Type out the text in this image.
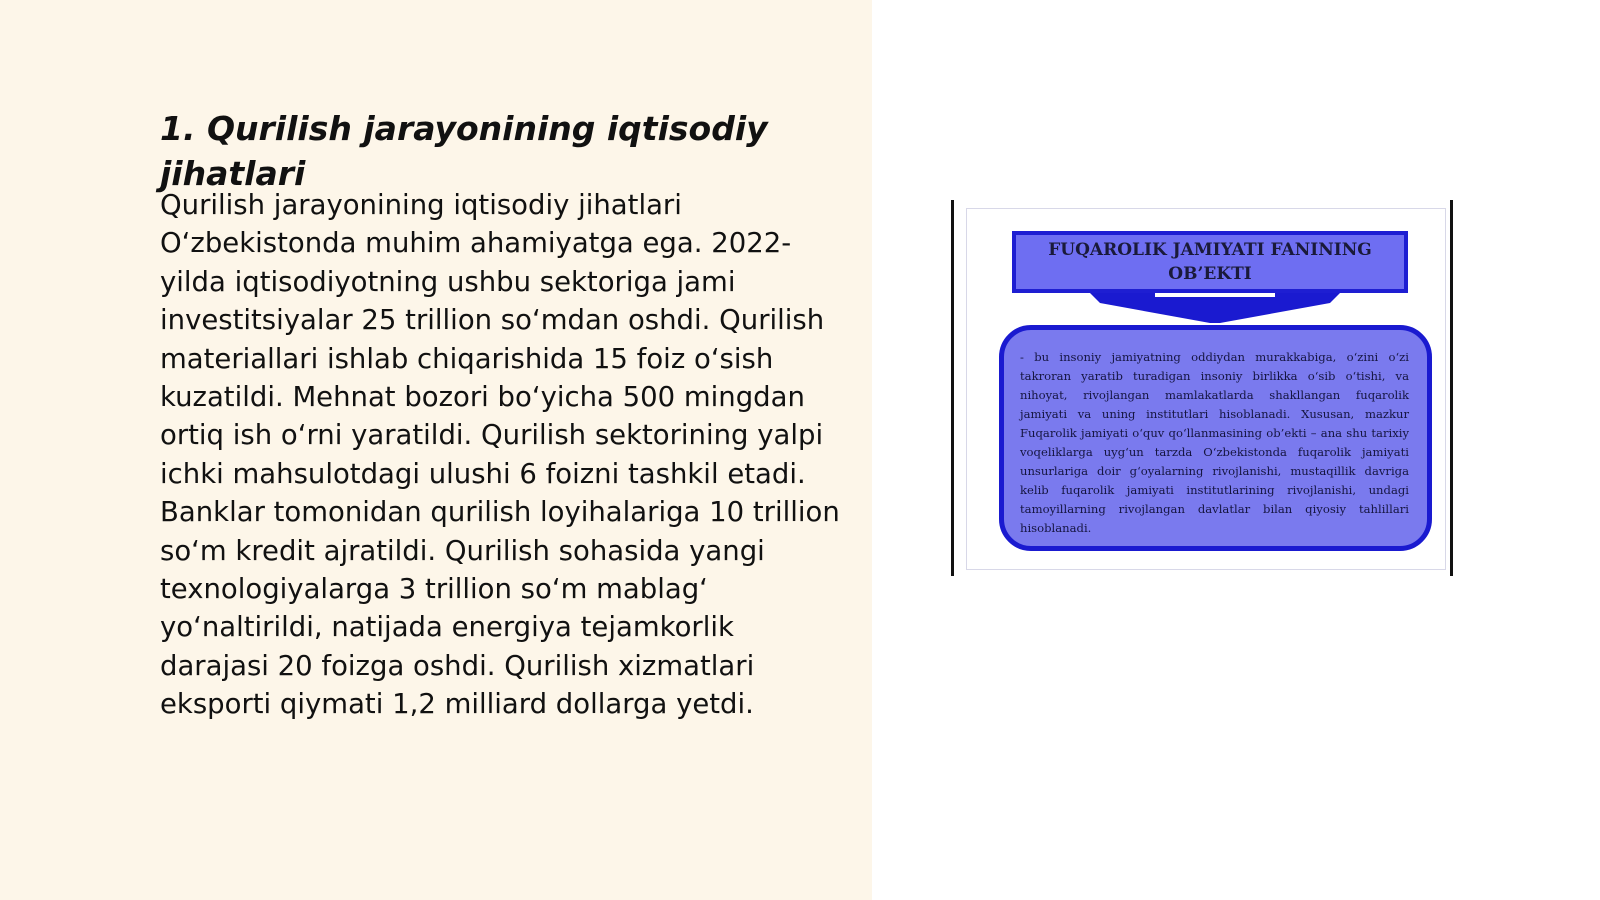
1. Qurilish jarayonining iqtisodiy jihatlari
Qurilish jarayonining iqtisodiy jihatlari O‘zbekistonda muhim ahamiyatga ega. 2022-yilda iqtisodiyotning ushbu sektoriga jami investitsiyalar 25 trillion so‘mdan oshdi. Qurilish materiallari ishlab chiqarishida 15 foiz o‘sish kuzatildi. Mehnat bozori bo‘yicha 500 mingdan ortiq ish o‘rni yaratildi. Qurilish sektorining yalpi ichki mahsulotdagi ulushi 6 foizni tashkil etadi. Banklar tomonidan qurilish loyihalariga 10 trillion so‘m kredit ajratildi. Qurilish sohasida yangi texnologiyalarga 3 trillion so‘m mablag‘ yo‘naltirildi, natijada energiya tejamkorlik darajasi 20 foizga oshdi. Qurilish xizmatlari eksporti qiymati 1,2 milliard dollarga yetdi.
FUQAROLIK JAMIYATI FANINING OB’EKTI
- bu insoniy jamiyatning oddiydan murakkabiga, o‘zini o‘zi takroran yaratib turadigan insoniy birlikka o‘sib o‘tishi, va nihoyat, rivojlangan mamlakatlarda shakllangan fuqarolik jamiyati va uning institutlari hisoblanadi. Xususan, mazkur Fuqarolik jamiyati o‘quv qo‘llanmasining ob’ekti – ana shu tarixiy voqeliklarga uyg‘un tarzda O‘zbekistonda fuqarolik jamiyati unsurlariga doir g‘oyalarning rivojlanishi, mustaqillik davriga kelib fuqarolik jamiyati institutlarining rivojlanishi, undagi tamoyillarning rivojlangan davlatlar bilan qiyosiy tahlillari hisoblanadi.
